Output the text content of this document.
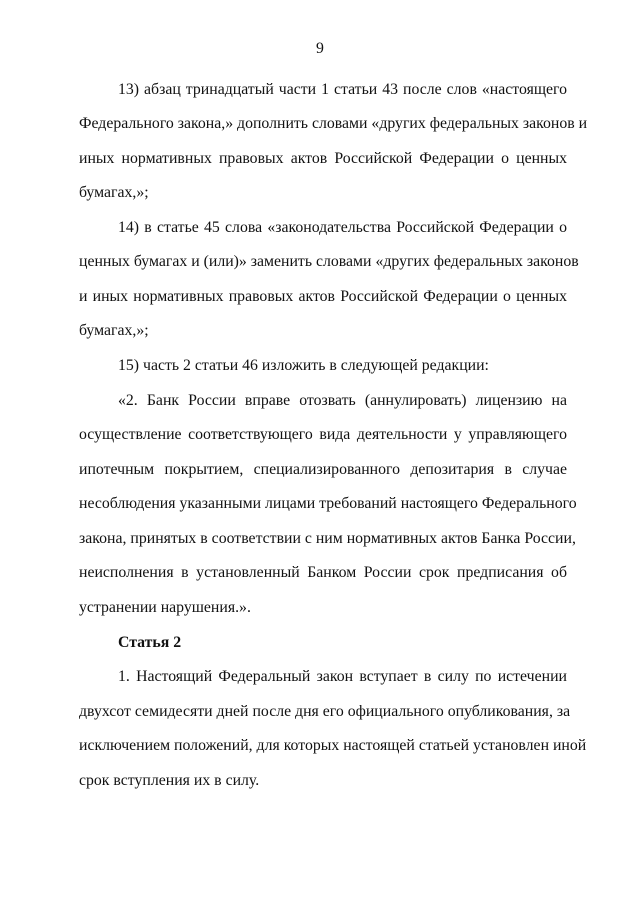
9
13) абзац тринадцатый части 1 статьи 43 после слов «настоящего
Федерального закона,» дополнить словами «других федеральных законов и
иных нормативных правовых актов Российской Федерации о ценных
бумагах,»;
14) в статье 45 слова «законодательства Российской Федерации о
ценных бумагах и (или)» заменить словами «других федеральных законов
и иных нормативных правовых актов Российской Федерации о ценных
бумагах,»;
15) часть 2 статьи 46 изложить в следующей редакции:
«2. Банк России вправе отозвать (аннулировать) лицензию на
осуществление соответствующего вида деятельности у управляющего
ипотечным покрытием, специализированного депозитария в случае
несоблюдения указанными лицами требований настоящего Федерального
закона, принятых в соответствии с ним нормативных актов Банка России,
неисполнения в установленный Банком России срок предписания об
устранении нарушения.».
Статья 2
1. Настоящий Федеральный закон вступает в силу по истечении
двухсот семидесяти дней после дня его официального опубликования, за
исключением положений, для которых настоящей статьей установлен иной
срок вступления их в силу.
